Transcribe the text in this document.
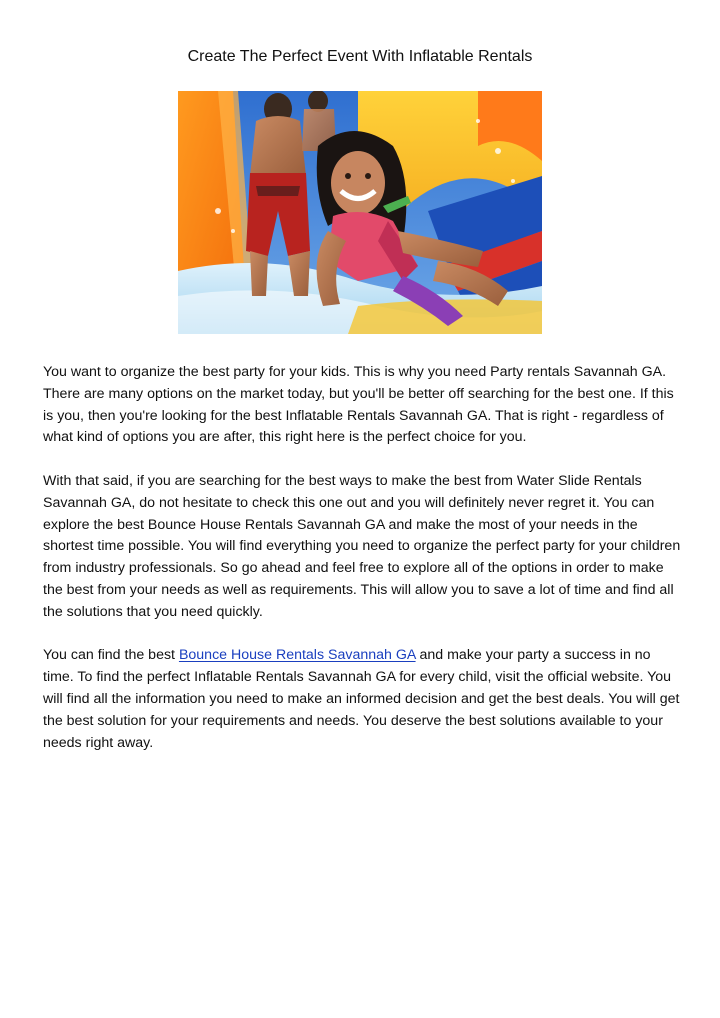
Create The Perfect Event With Inflatable Rentals

You want to organize the best party for your kids. This is why you need Party rentals Savannah GA. There are many options on the market today, but you'll be better off searching for the best one. If this is you, then you're looking for the best Inflatable Rentals Savannah GA. That is right - regardless of what kind of options you are after, this right here is the perfect choice for you.

With that said, if you are searching for the best ways to make the best from Water Slide Rentals Savannah GA, do not hesitate to check this one out and you will definitely never regret it. You can explore the best Bounce House Rentals Savannah GA and make the most of your needs in the shortest time possible. You will find everything you need to organize the perfect party for your children from industry professionals. So go ahead and feel free to explore all of the options in order to make the best from your needs as well as requirements. This will allow you to save a lot of time and find all the solutions that you need quickly.

You can find the best Bounce House Rentals Savannah GA and make your party a success in no time. To find the perfect Inflatable Rentals Savannah GA for every child, visit the official website. You will find all the information you need to make an informed decision and get the best deals. You will get the best solution for your requirements and needs. You deserve the best solutions available to your needs right away.
